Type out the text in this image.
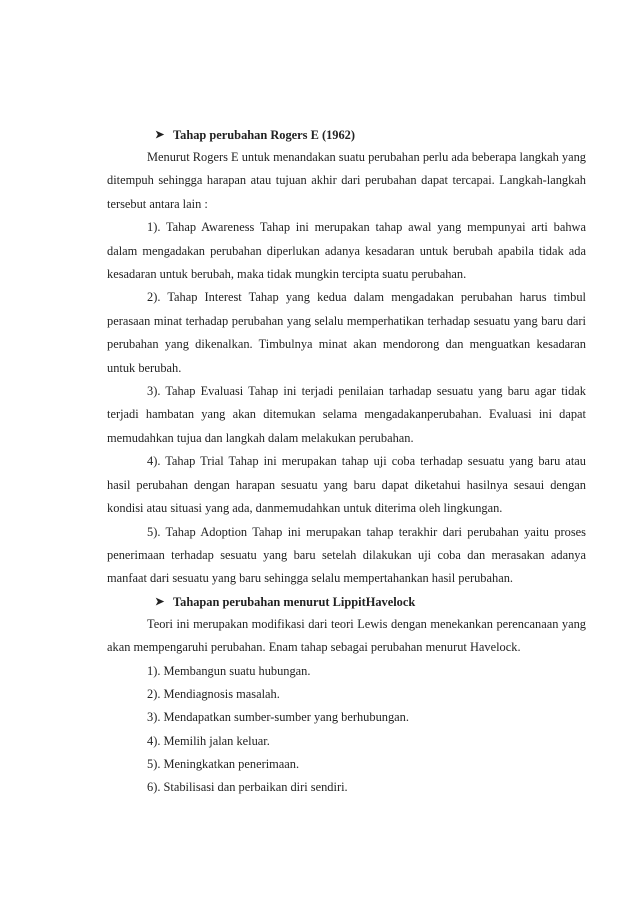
➤ Tahap perubahan Rogers E (1962)

Menurut Rogers E untuk menandakan suatu perubahan perlu ada beberapa langkah yang ditempuh sehingga harapan atau tujuan akhir dari perubahan dapat tercapai. Langkah-langkah tersebut antara lain :

1). Tahap Awareness Tahap ini merupakan tahap awal yang mempunyai arti bahwa dalam mengadakan perubahan diperlukan adanya kesadaran untuk berubah apabila tidak ada kesadaran untuk berubah, maka tidak mungkin tercipta suatu perubahan.

2). Tahap Interest Tahap yang kedua dalam mengadakan perubahan harus timbul perasaan minat terhadap perubahan yang selalu memperhatikan terhadap sesuatu yang baru dari perubahan yang dikenalkan. Timbulnya minat akan mendorong dan menguatkan kesadaran untuk berubah.

3). Tahap Evaluasi Tahap ini terjadi penilaian tarhadap sesuatu yang baru agar tidak terjadi hambatan yang akan ditemukan selama mengadakanperubahan. Evaluasi ini dapat memudahkan tujua dan langkah dalam melakukan perubahan.

4). Tahap Trial Tahap ini merupakan tahap uji coba terhadap sesuatu yang baru atau hasil perubahan dengan harapan sesuatu yang baru dapat diketahui hasilnya sesaui dengan kondisi atau situasi yang ada, danmemudahkan untuk diterima oleh lingkungan.

5). Tahap Adoption Tahap ini merupakan tahap terakhir dari perubahan yaitu proses penerimaan terhadap sesuatu yang baru setelah dilakukan uji coba dan merasakan adanya manfaat dari sesuatu yang baru sehingga selalu mempertahankan hasil perubahan.

➤ Tahapan perubahan menurut LippitHavelock

Teori ini merupakan modifikasi dari teori Lewis dengan menekankan perencanaan yang akan mempengaruhi perubahan. Enam tahap sebagai perubahan menurut Havelock.

1). Membangun suatu hubungan.
2). Mendiagnosis masalah.
3). Mendapatkan sumber-sumber yang berhubungan.
4). Memilih jalan keluar.
5). Meningkatkan penerimaan.
6). Stabilisasi dan perbaikan diri sendiri.
